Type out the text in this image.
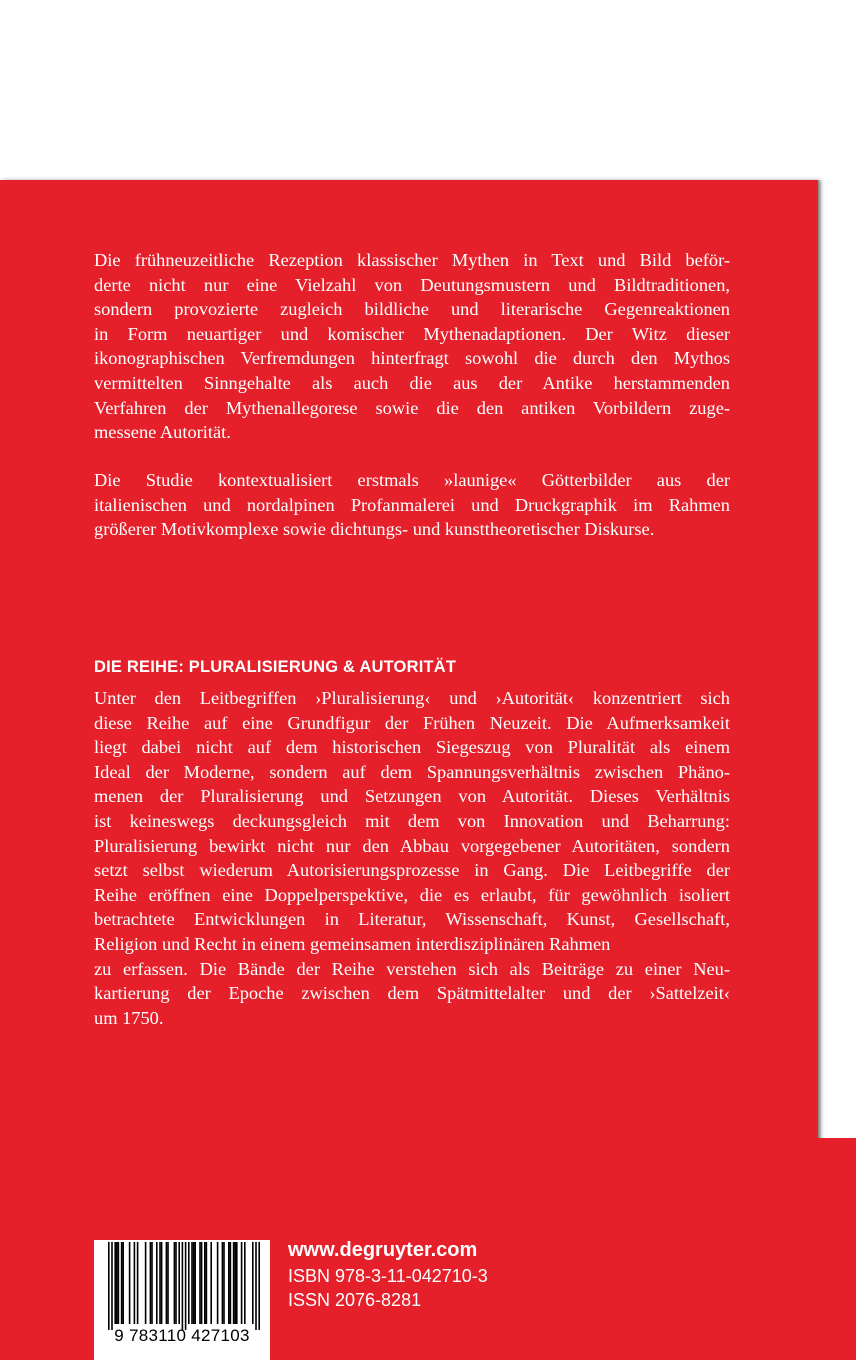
Die frühneuzeitliche Rezeption klassischer Mythen in Text und Bild beför-
derte nicht nur eine Vielzahl von Deutungsmustern und Bildtraditionen,
sondern provozierte zugleich bildliche und literarische Gegenreaktionen
in Form neuartiger und komischer Mythenadaptionen. Der Witz dieser
ikonographischen Verfremdungen hinterfragt sowohl die durch den Mythos
vermittelten Sinngehalte als auch die aus der Antike herstammenden
Verfahren der Mythenallegorese sowie die den antiken Vorbildern zuge-
messene Autorität.
Die Studie kontextualisiert erstmals »launige« Götterbilder aus der
italienischen und nordalpinen Profanmalerei und Druckgraphik im Rahmen
größerer Motivkomplexe sowie dichtungs- und kunsttheoretischer Diskurse.
DIE REIHE: PLURALISIERUNG & AUTORITÄT
Unter den Leitbegriffen ›Pluralisierung‹ und ›Autorität‹ konzentriert sich
diese Reihe auf eine Grundfigur der Frühen Neuzeit. Die Aufmerksamkeit
liegt dabei nicht auf dem historischen Siegeszug von Pluralität als einem
Ideal der Moderne, sondern auf dem Spannungsverhältnis zwischen Phäno-
menen der Pluralisierung und Setzungen von Autorität. Dieses Verhältnis
ist keineswegs deckungsgleich mit dem von Innovation und Beharrung:
Pluralisierung bewirkt nicht nur den Abbau vorgegebener Autoritäten, sondern
setzt selbst wiederum Autorisierungsprozesse in Gang. Die Leitbegriffe der
Reihe eröffnen eine Doppelperspektive, die es erlaubt, für gewöhnlich isoliert
betrachtete Entwicklungen in Literatur, Wissenschaft, Kunst, Gesellschaft,
Religion und Recht in einem gemeinsamen interdisziplinären Rahmen
zu erfassen. Die Bände der Reihe verstehen sich als Beiträge zu einer Neu-
kartierung der Epoche zwischen dem Spätmittelalter und der ›Sattelzeit‹
um 1750.
9 783110 427103
www.degruyter.com
ISBN 978-3-11-042710-3
ISSN 2076-8281
